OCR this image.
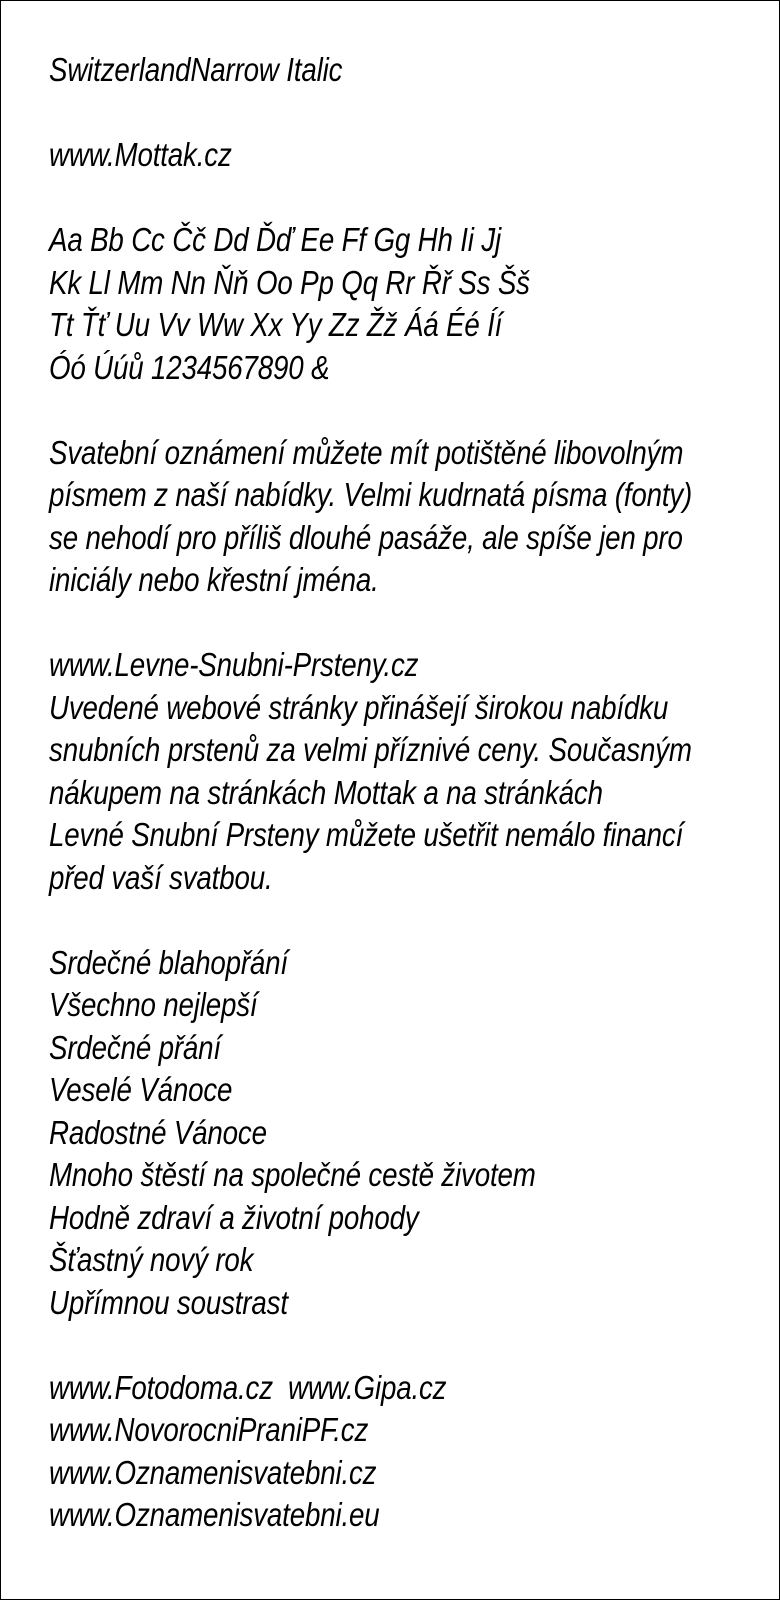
SwitzerlandNarrow Italic
www.Mottak.cz
Aa Bb Cc Čč Dd Ďď Ee Ff Gg Hh Ii Jj
Kk Ll Mm Nn Ňň Oo Pp Qq Rr Řř Ss Šš
Tt Ťť Uu Vv Ww Xx Yy Zz Žž Áá Éé Íí
Óó Úúů 1234567890 &
Svatební oznámení můžete mít potištěné libovolným
písmem z naší nabídky. Velmi kudrnatá písma (fonty)
se nehodí pro příliš dlouhé pasáže, ale spíše jen pro
iniciály nebo křestní jména.
www.Levne-Snubni-Prsteny.cz
Uvedené webové stránky přinášejí širokou nabídku
snubních prstenů za velmi příznivé ceny. Současným
nákupem na stránkách Mottak a na stránkách
Levné Snubní Prsteny můžete ušetřit nemálo financí
před vaší svatbou.
Srdečné blahopřání
Všechno nejlepší
Srdečné přání
Veselé Vánoce
Radostné Vánoce
Mnoho štěstí na společné cestě životem
Hodně zdraví a životní pohody
Šťastný nový rok
Upřímnou soustrast
www.Fotodoma.cz  www.Gipa.cz
www.NovorocniPraniPF.cz
www.Oznamenisvatebni.cz
www.Oznamenisvatebni.eu
